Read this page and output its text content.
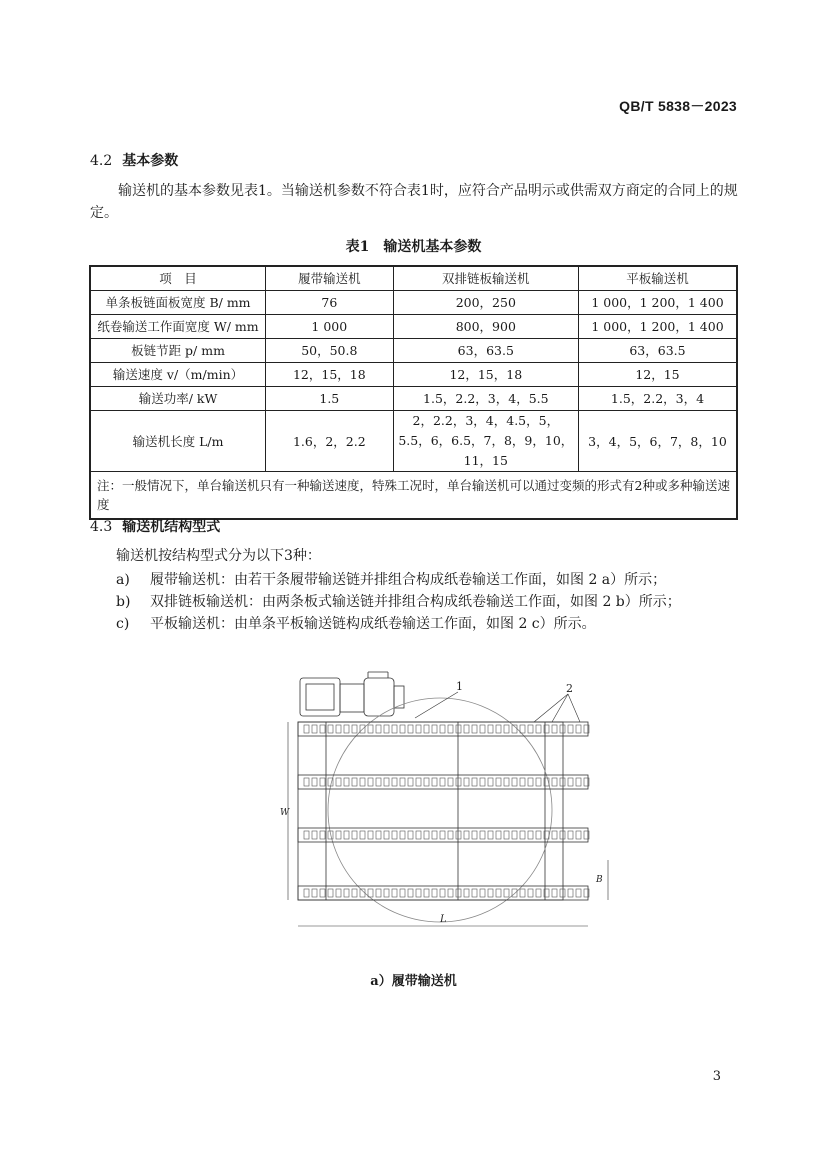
QB/T 5838－2023
4.2 基本参数
输送机的基本参数见表1。当输送机参数不符合表1时，应符合产品明示或供需双方商定的合同上的规定。
表1　输送机基本参数
项　目	履带输送机	双排链板输送机	平板输送机
单条板链面板宽度 B/ mm	76	200，250	1 000，1 200，1 400
纸卷输送工作面宽度 W/ mm	1 000	800，900	1 000，1 200，1 400
板链节距 p/ mm	50，50.8	63，63.5	63，63.5
输送速度 v/（m/min）	12，15，18	12，15，18	12，15
输送功率/ kW	1.5	1.5，2.2，3，4，5.5	1.5，2.2，3，4
输送机长度 L/m	1.6，2，2.2	2，2.2，3，4，4.5，5，5.5，6，6.5，7，8，9，10，11，15	3，4，5，6，7，8，10
注：一般情况下，单台输送机只有一种输送速度，特殊工况时，单台输送机可以通过变频的形式有2种或多种输送速度			
4.3 输送机结构型式
输送机按结构型式分为以下3种：
a) 履带输送机：由若干条履带输送链并排组合构成纸卷输送工作面，如图 2 a）所示；
b) 双排链板输送机：由两条板式输送链并排组合构成纸卷输送工作面，如图 2 b）所示；
c) 平板输送机：由单条平板输送链构成纸卷输送工作面，如图 2 c）所示。
1	2
W
L
B
a）履带输送机
3
